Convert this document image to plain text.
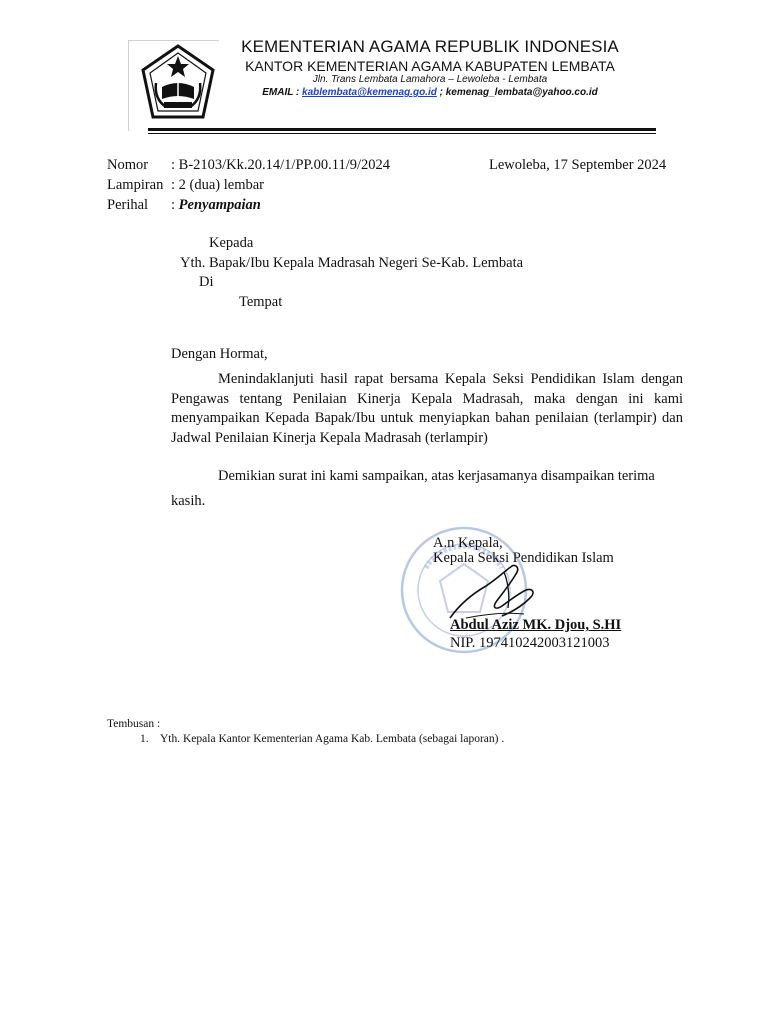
KEMENTERIAN AGAMA REPUBLIK INDONESIA
KANTOR KEMENTERIAN AGAMA KABUPATEN LEMBATA
Jln. Trans Lembata Lamahora – Lewoleba - Lembata
EMAIL : kablembata@kemenag.go.id ; kemenag_lembata@yahoo.co.id
Nomor : B-2103/Kk.20.14/1/PP.00.11/9/2024	Lewoleba, 17 September 2024
Lampiran : 2 (dua) lembar
Perihal : Penyampaian
Kepada
Yth. Bapak/Ibu Kepala Madrasah Negeri Se-Kab. Lembata
Di
Tempat
Dengan Hormat,
Menindaklanjuti hasil rapat bersama Kepala Seksi Pendidikan Islam dengan Pengawas tentang Penilaian Kinerja Kepala Madrasah, maka dengan ini kami menyampaikan Kepada Bapak/Ibu untuk menyiapkan bahan penilaian (terlampir) dan Jadwal Penilaian Kinerja Kepala Madrasah (terlampir)
Demikian surat ini kami sampaikan, atas kerjasamanya disampaikan terima
kasih.
A.n Kepala,
Kepala Seksi Pendidikan Islam
Abdul Aziz MK. Djou, S.HI
NIP. 197410242003121003
Tembusan :
1. Yth. Kepala Kantor Kementerian Agama Kab. Lembata (sebagai laporan) .
